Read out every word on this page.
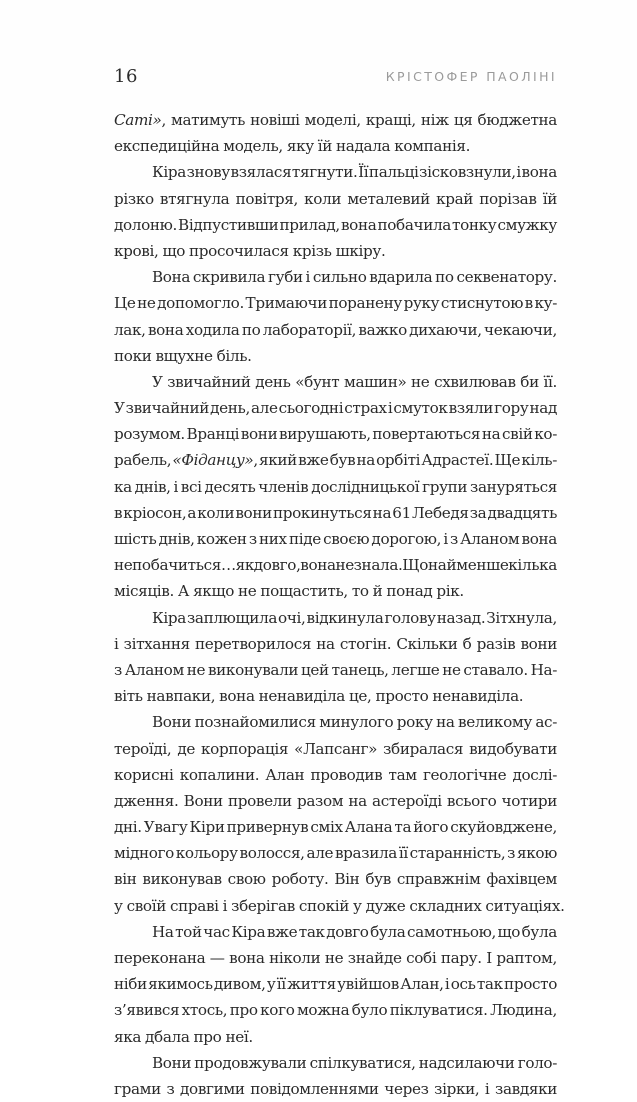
16	КРІСТОФЕР ПАОЛІНІ
Саті», матимуть новіші моделі, кращі, ніж ця бюджетна
експедиційна модель, яку їй надала компанія.
Кіра знову взялася тягнути. Її пальці зісковзнули, і вона
різко втягнула повітря, коли металевий край порізав їй
долоню. Відпустивши прилад, вона побачила тонку смужку
крові, що просочилася крізь шкіру.
Вона скривила губи і сильно вдарила по секвенатору.
Це не допомогло. Тримаючи поранену руку стиснутою в ку-
лак, вона ходила по лабораторії, важко дихаючи, чекаючи,
поки вщухне біль.
У звичайний день «бунт машин» не схвилював би її.
У звичайний день, але сьогодні страх і смуток взяли гору над
розумом. Вранці вони вирушають, повертаються на свій ко-
рабель, «Фіданцу», який вже був на орбіті Адрастеї. Ще кіль-
ка днів, і всі десять членів дослідницької групи зануряться
в кріосон, а коли вони прокинуться на 61 Лебедя за двадцять
шість днів, кожен з них піде своєю дорогою, і з Аланом вона
не побачиться… як довго, вона не знала. Щонайменше кілька
місяців. А якщо не пощастить, то й понад рік.
Кіра заплющила очі, відкинула голову назад. Зітхнула,
і зітхання перетворилося на стогін. Скільки б разів вони
з Аланом не виконували цей танець, легше не ставало. На-
віть навпаки, вона ненавиділа це, просто ненавиділа.
Вони познайомилися минулого року на великому ас-
тероїді, де корпорація «Лапсанг» збиралася видобувати
корисні копалини. Алан проводив там геологічне дослі-
дження. Вони провели разом на астероїді всього чотири
дні. Увагу Кіри привернув сміх Алана та його скуйовджене,
мідного кольору волосся, але вразила її старанність, з якою
він виконував свою роботу. Він був справжнім фахівцем
у своїй справі і зберігав спокій у дуже складних ситуаціях.
На той час Кіра вже так довго була самотньою, що була
переконана — вона ніколи не знайде собі пару. І раптом,
ніби якимось дивом, у її життя увійшов Алан, і ось так просто
з’явився хтось, про кого можна було піклуватися. Людина,
яка дбала про неї.
Вони продовжували спілкуватися, надсилаючи голо-
грами з довгими повідомленнями через зірки, і завдяки
